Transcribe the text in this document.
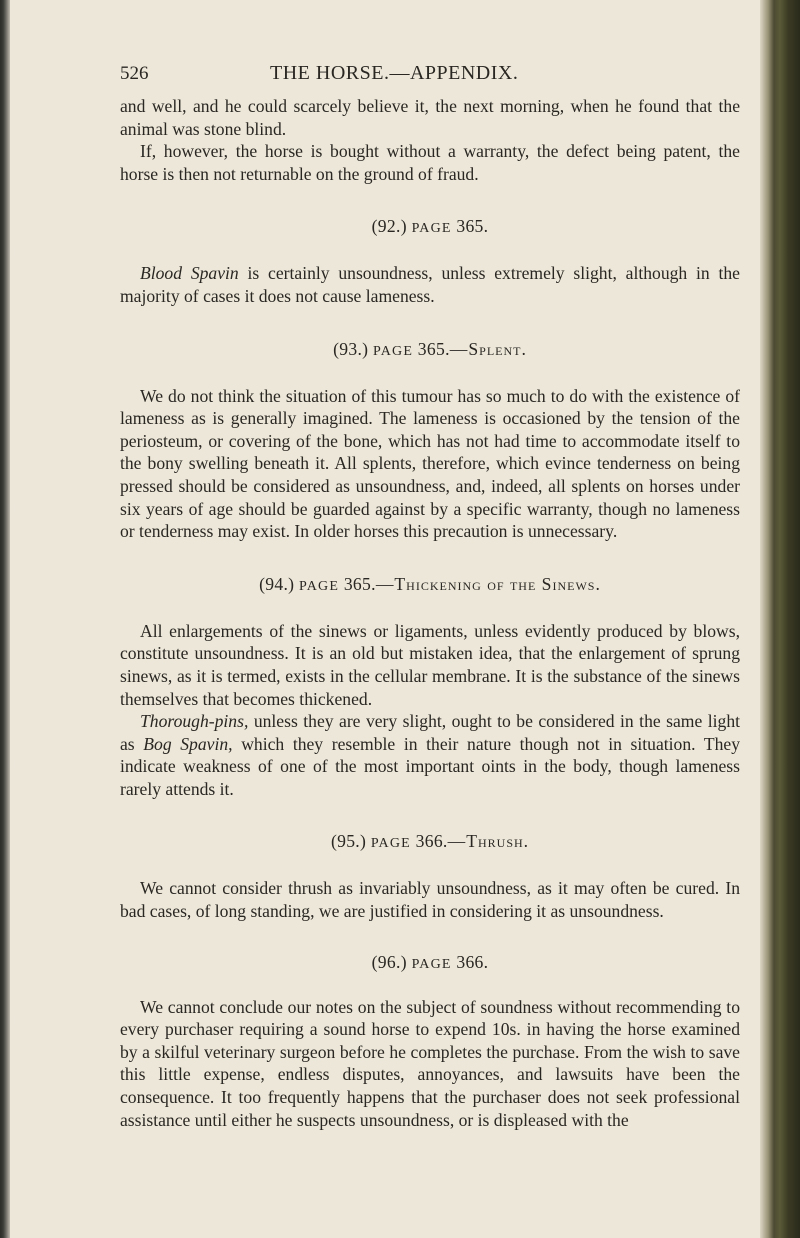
526	THE HORSE.—APPENDIX.

and well, and he could scarcely believe it, the next morning, when he found that the animal was stone blind.

If, however, the horse is bought without a warranty, the defect being patent, the horse is then not returnable on the ground of fraud.

(92.) PAGE 365.

Blood Spavin is certainly unsoundness, unless extremely slight, although in the majority of cases it does not cause lameness.

(93.) PAGE 365.—Splent.

We do not think the situation of this tumour has so much to do with the existence of lameness as is generally imagined. The lameness is occasioned by the tension of the periosteum, or covering of the bone, which has not had time to accommodate itself to the bony swelling beneath it. All splents, therefore, which evince tenderness on being pressed should be considered as unsoundness, and, indeed, all splents on horses under six years of age should be guarded against by a specific warranty, though no lameness or tenderness may exist. In older horses this precaution is unnecessary.

(94.) PAGE 365.—Thickening of the Sinews.

All enlargements of the sinews or ligaments, unless evidently produced by blows, constitute unsoundness. It is an old but mistaken idea, that the enlargement of sprung sinews, as it is termed, exists in the cellular membrane. It is the substance of the sinews themselves that becomes thickened.

Thorough-pins, unless they are very slight, ought to be considered in the same light as Bog Spavin, which they resemble in their nature though not in situation. They indicate weakness of one of the most important oints in the body, though lameness rarely attends it.

(95.) PAGE 366.—Thrush.

We cannot consider thrush as invariably unsoundness, as it may often be cured. In bad cases, of long standing, we are justified in considering it as unsoundness.

(96.) PAGE 366.

We cannot conclude our notes on the subject of soundness without recommending to every purchaser requiring a sound horse to expend 10s. in having the horse examined by a skilful veterinary surgeon before he completes the purchase. From the wish to save this little expense, endless disputes, annoyances, and lawsuits have been the consequence. It too frequently happens that the purchaser does not seek professional assistance until either he suspects unsoundness, or is displeased with the
